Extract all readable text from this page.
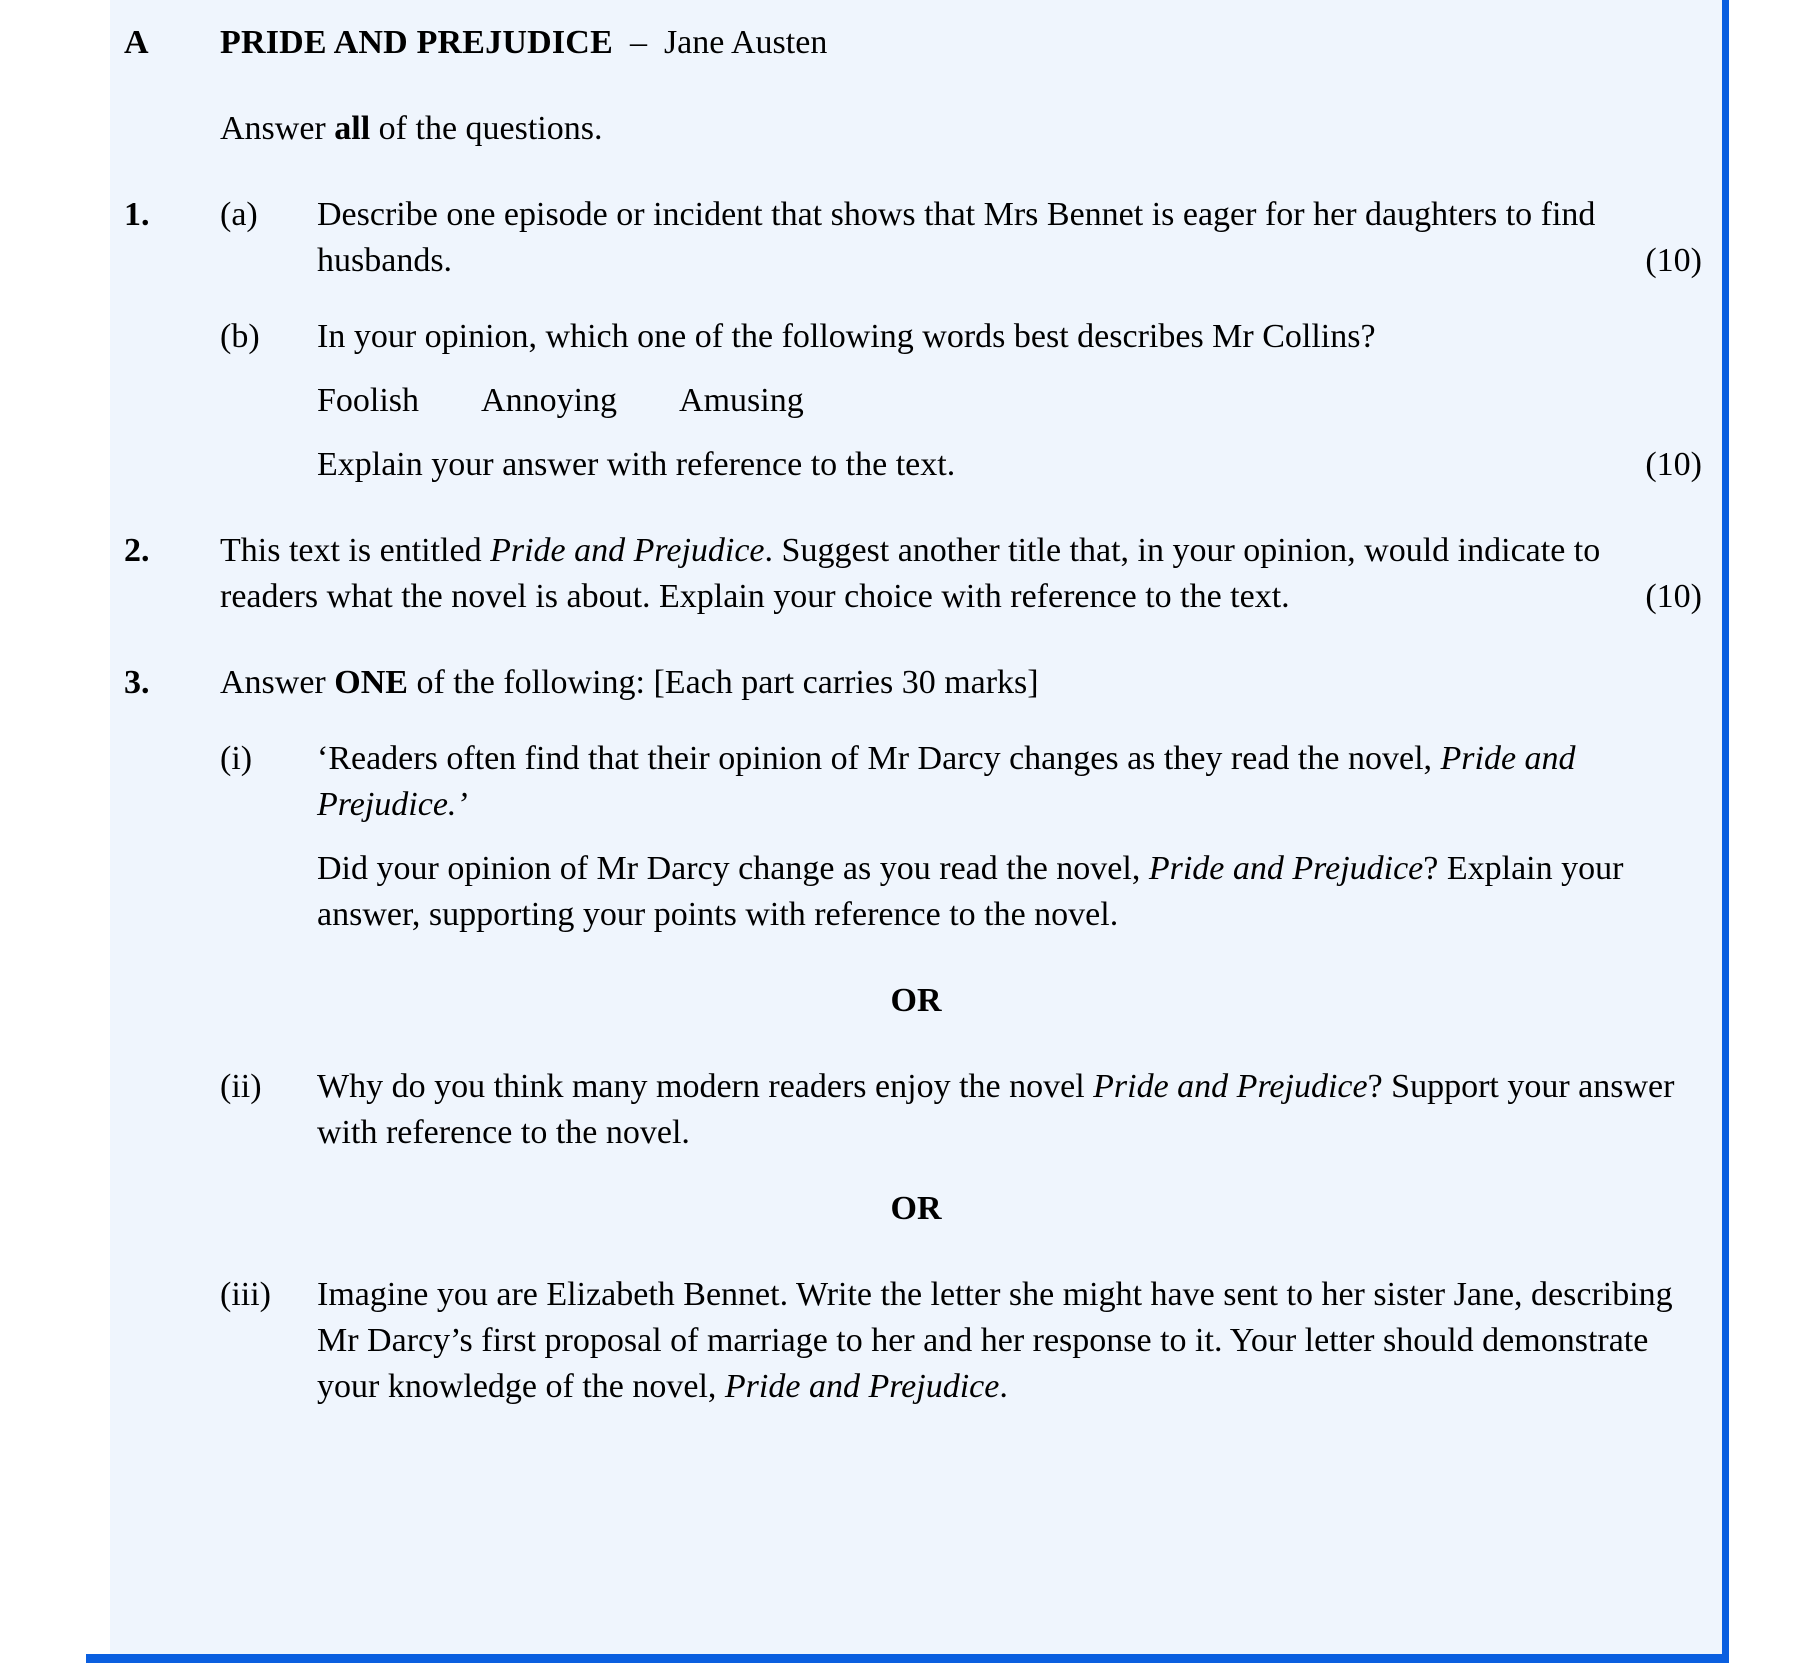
A	PRIDE AND PREJUDICE – Jane Austen
Answer all of the questions.
1.	(a)	Describe one episode or incident that shows that Mrs Bennet is eager for her daughters to find husbands.	(10)
(b)	In your opinion, which one of the following words best describes Mr Collins?
Foolish Annoying Amusing
Explain your answer with reference to the text.	(10)
2.	This text is entitled Pride and Prejudice. Suggest another title that, in your opinion, would indicate to readers what the novel is about. Explain your choice with reference to the text.	(10)
3.	Answer ONE of the following: [Each part carries 30 marks]
(i)	‘Readers often find that their opinion of Mr Darcy changes as they read the novel, Pride and Prejudice.’
Did your opinion of Mr Darcy change as you read the novel, Pride and Prejudice? Explain your answer, supporting your points with reference to the novel.
OR
(ii)	Why do you think many modern readers enjoy the novel Pride and Prejudice? Support your answer with reference to the novel.
OR
(iii)	Imagine you are Elizabeth Bennet. Write the letter she might have sent to her sister Jane, describing Mr Darcy’s first proposal of marriage to her and her response to it. Your letter should demonstrate your knowledge of the novel, Pride and Prejudice.
